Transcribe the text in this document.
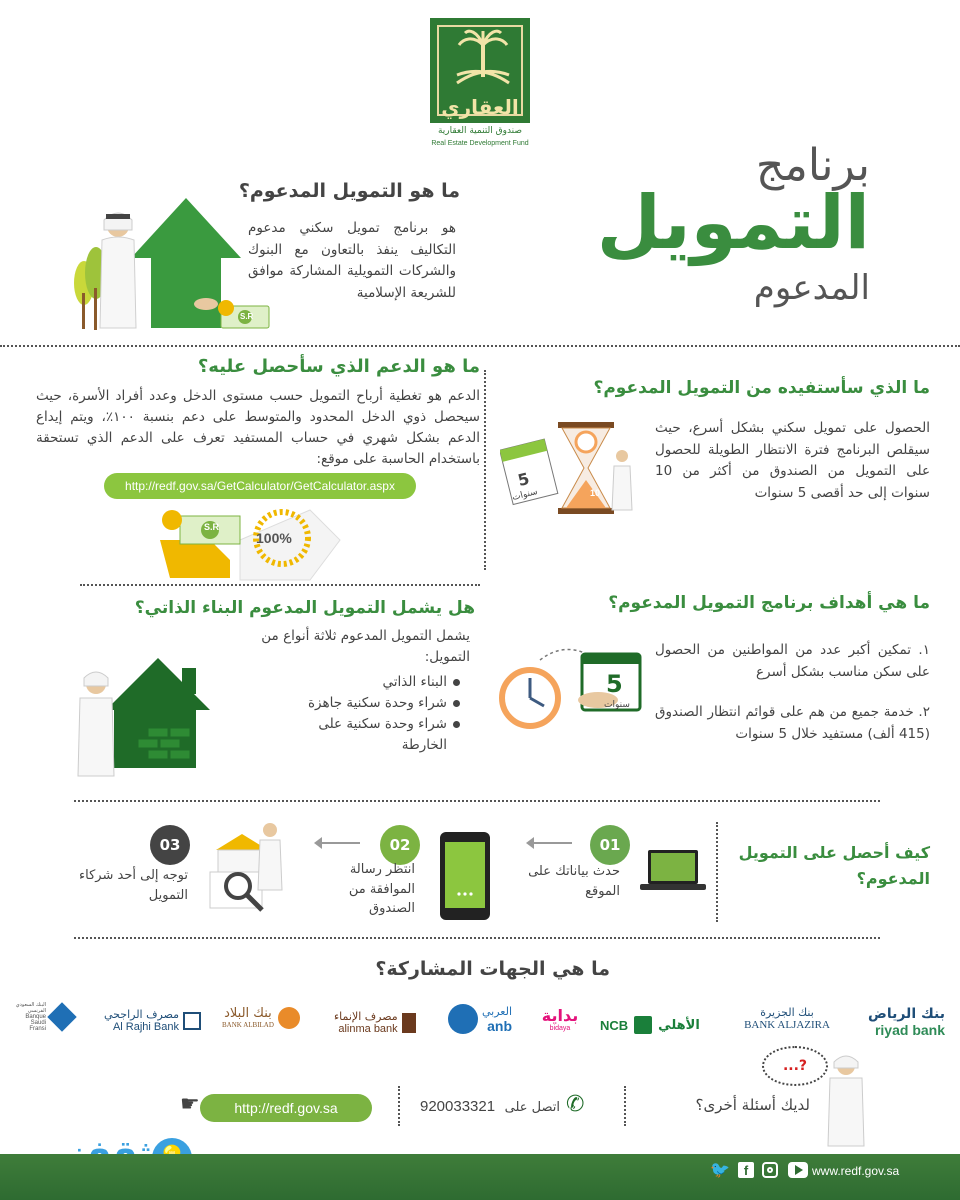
العقاري
صندوق التنمية العقارية
Real Estate Development Fund	برنامج
التمويل
المدعوم
ما هو التمويل المدعوم؟
هو برنامج تمويل سكني مدعوم التكاليف ينفذ بالتعاون مع البنوك والشركات التمويلية المشاركة موافق للشريعة الإسلامية
S.R
ما هو الدعم الذي سأحصل عليه؟
الدعم هو تغطية أرباح التمويل حسب مستوى الدخل وعدد أفراد الأسرة، حيث سيحصل ذوي الدخل المحدود والمتوسط على دعم بنسبة ١٠٠٪، ويتم إيداع الدعم بشكل شهري في حساب المستفيد تعرف على الدعم الذي تستحقة باستخدام الحاسبة على موقع:
http://redf.gov.sa/GetCalculator/GetCalculator.aspx
S.R
100%
ما الذي سأستفيده من التمويل المدعوم؟
الحصول على تمويل سكني بشكل أسرع، حيث سيقلص البرنامج فترة الانتظار الطويلة للحصول على التمويل من الصندوق من أكثر من 10 سنوات إلى حد أقصى 5 سنوات
5
سنوات	10
هل يشمل التمويل المدعوم البناء الذاتي؟
يشمل التمويل المدعوم ثلاثة أنواع من التمويل:
البناء الذاتي
شراء وحدة سكنية جاهزة
شراء وحدة سكنية على الخارطة
ما هي أهداف برنامج التمويل المدعوم؟
١. تمكين أكبر عدد من المواطنين من الحصول على سكن مناسب بشكل أسرع
٢. خدمة جميع من هم على قوائم انتظار الصندوق (415 ألف) مستفيد خلال 5 سنوات
5
سنوات
كيف أحصل على التمويل المدعوم؟
01
حدث بياناتك على الموقع
02
انتظر رسالة الموافقة من الصندوق
03
توجه إلى أحد شركاء التمويل
ما هي الجهات المشاركة؟
بنك الرياض
riyad bank
بنك الجزيرة
BANK ALJAZIRA
NCB الأهلي
بداية
bidaya
العربي
anb
مصرف الإنماء
alinma bank
بنك البلاد
BANK ALBILAD
مصرف الراجحي
Al Rajhi Bank
البنك السعودي الفرنسي
Banque Saudi Fransi
...?
لديك أسئلة أخرى؟
✆
اتصل على
920033321
http://redf.gov.sa
☛
www.redf.gov.sa
f
🐦
